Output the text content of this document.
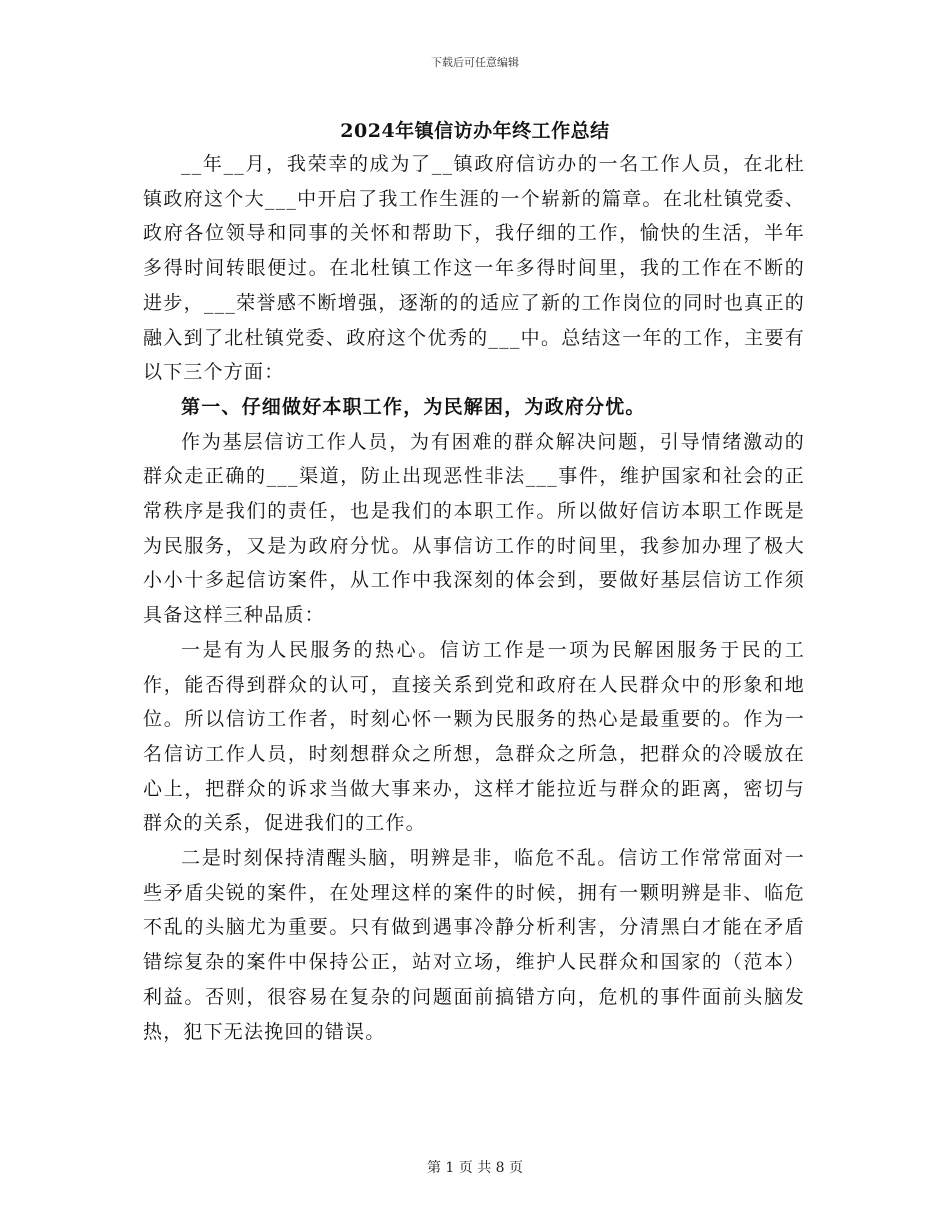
下载后可任意编辑
2024年镇信访办年终工作总结

__年__月，我荣幸的成为了__镇政府信访办的一名工作人员，在北杜镇政府这个大___中开启了我工作生涯的一个崭新的篇章。在北杜镇党委、政府各位领导和同事的关怀和帮助下，我仔细的工作，愉快的生活，半年多得时间转眼便过。在北杜镇工作这一年多得时间里，我的工作在不断的进步，___荣誉感不断增强，逐渐的的适应了新的工作岗位的同时也真正的融入到了北杜镇党委、政府这个优秀的___中。总结这一年的工作，主要有以下三个方面：

第一、仔细做好本职工作，为民解困，为政府分忧。

作为基层信访工作人员，为有困难的群众解决问题，引导情绪激动的群众走正确的___渠道，防止出现恶性非法___事件，维护国家和社会的正常秩序是我们的责任，也是我们的本职工作。所以做好信访本职工作既是为民服务，又是为政府分忧。从事信访工作的时间里，我参加办理了极大小小十多起信访案件，从工作中我深刻的体会到，要做好基层信访工作须具备这样三种品质：

一是有为人民服务的热心。信访工作是一项为民解困服务于民的工作，能否得到群众的认可，直接关系到党和政府在人民群众中的形象和地位。所以信访工作者，时刻心怀一颗为民服务的热心是最重要的。作为一名信访工作人员，时刻想群众之所想，急群众之所急，把群众的冷暖放在心上，把群众的诉求当做大事来办，这样才能拉近与群众的距离，密切与群众的关系，促进我们的工作。

二是时刻保持清醒头脑，明辨是非，临危不乱。信访工作常常面对一些矛盾尖锐的案件，在处理这样的案件的时候，拥有一颗明辨是非、临危不乱的头脑尤为重要。只有做到遇事冷静分析利害，分清黑白才能在矛盾错综复杂的案件中保持公正，站对立场，维护人民群众和国家的（范本）利益。否则，很容易在复杂的问题面前搞错方向，危机的事件面前头脑发热，犯下无法挽回的错误。

第 1 页 共 8 页
